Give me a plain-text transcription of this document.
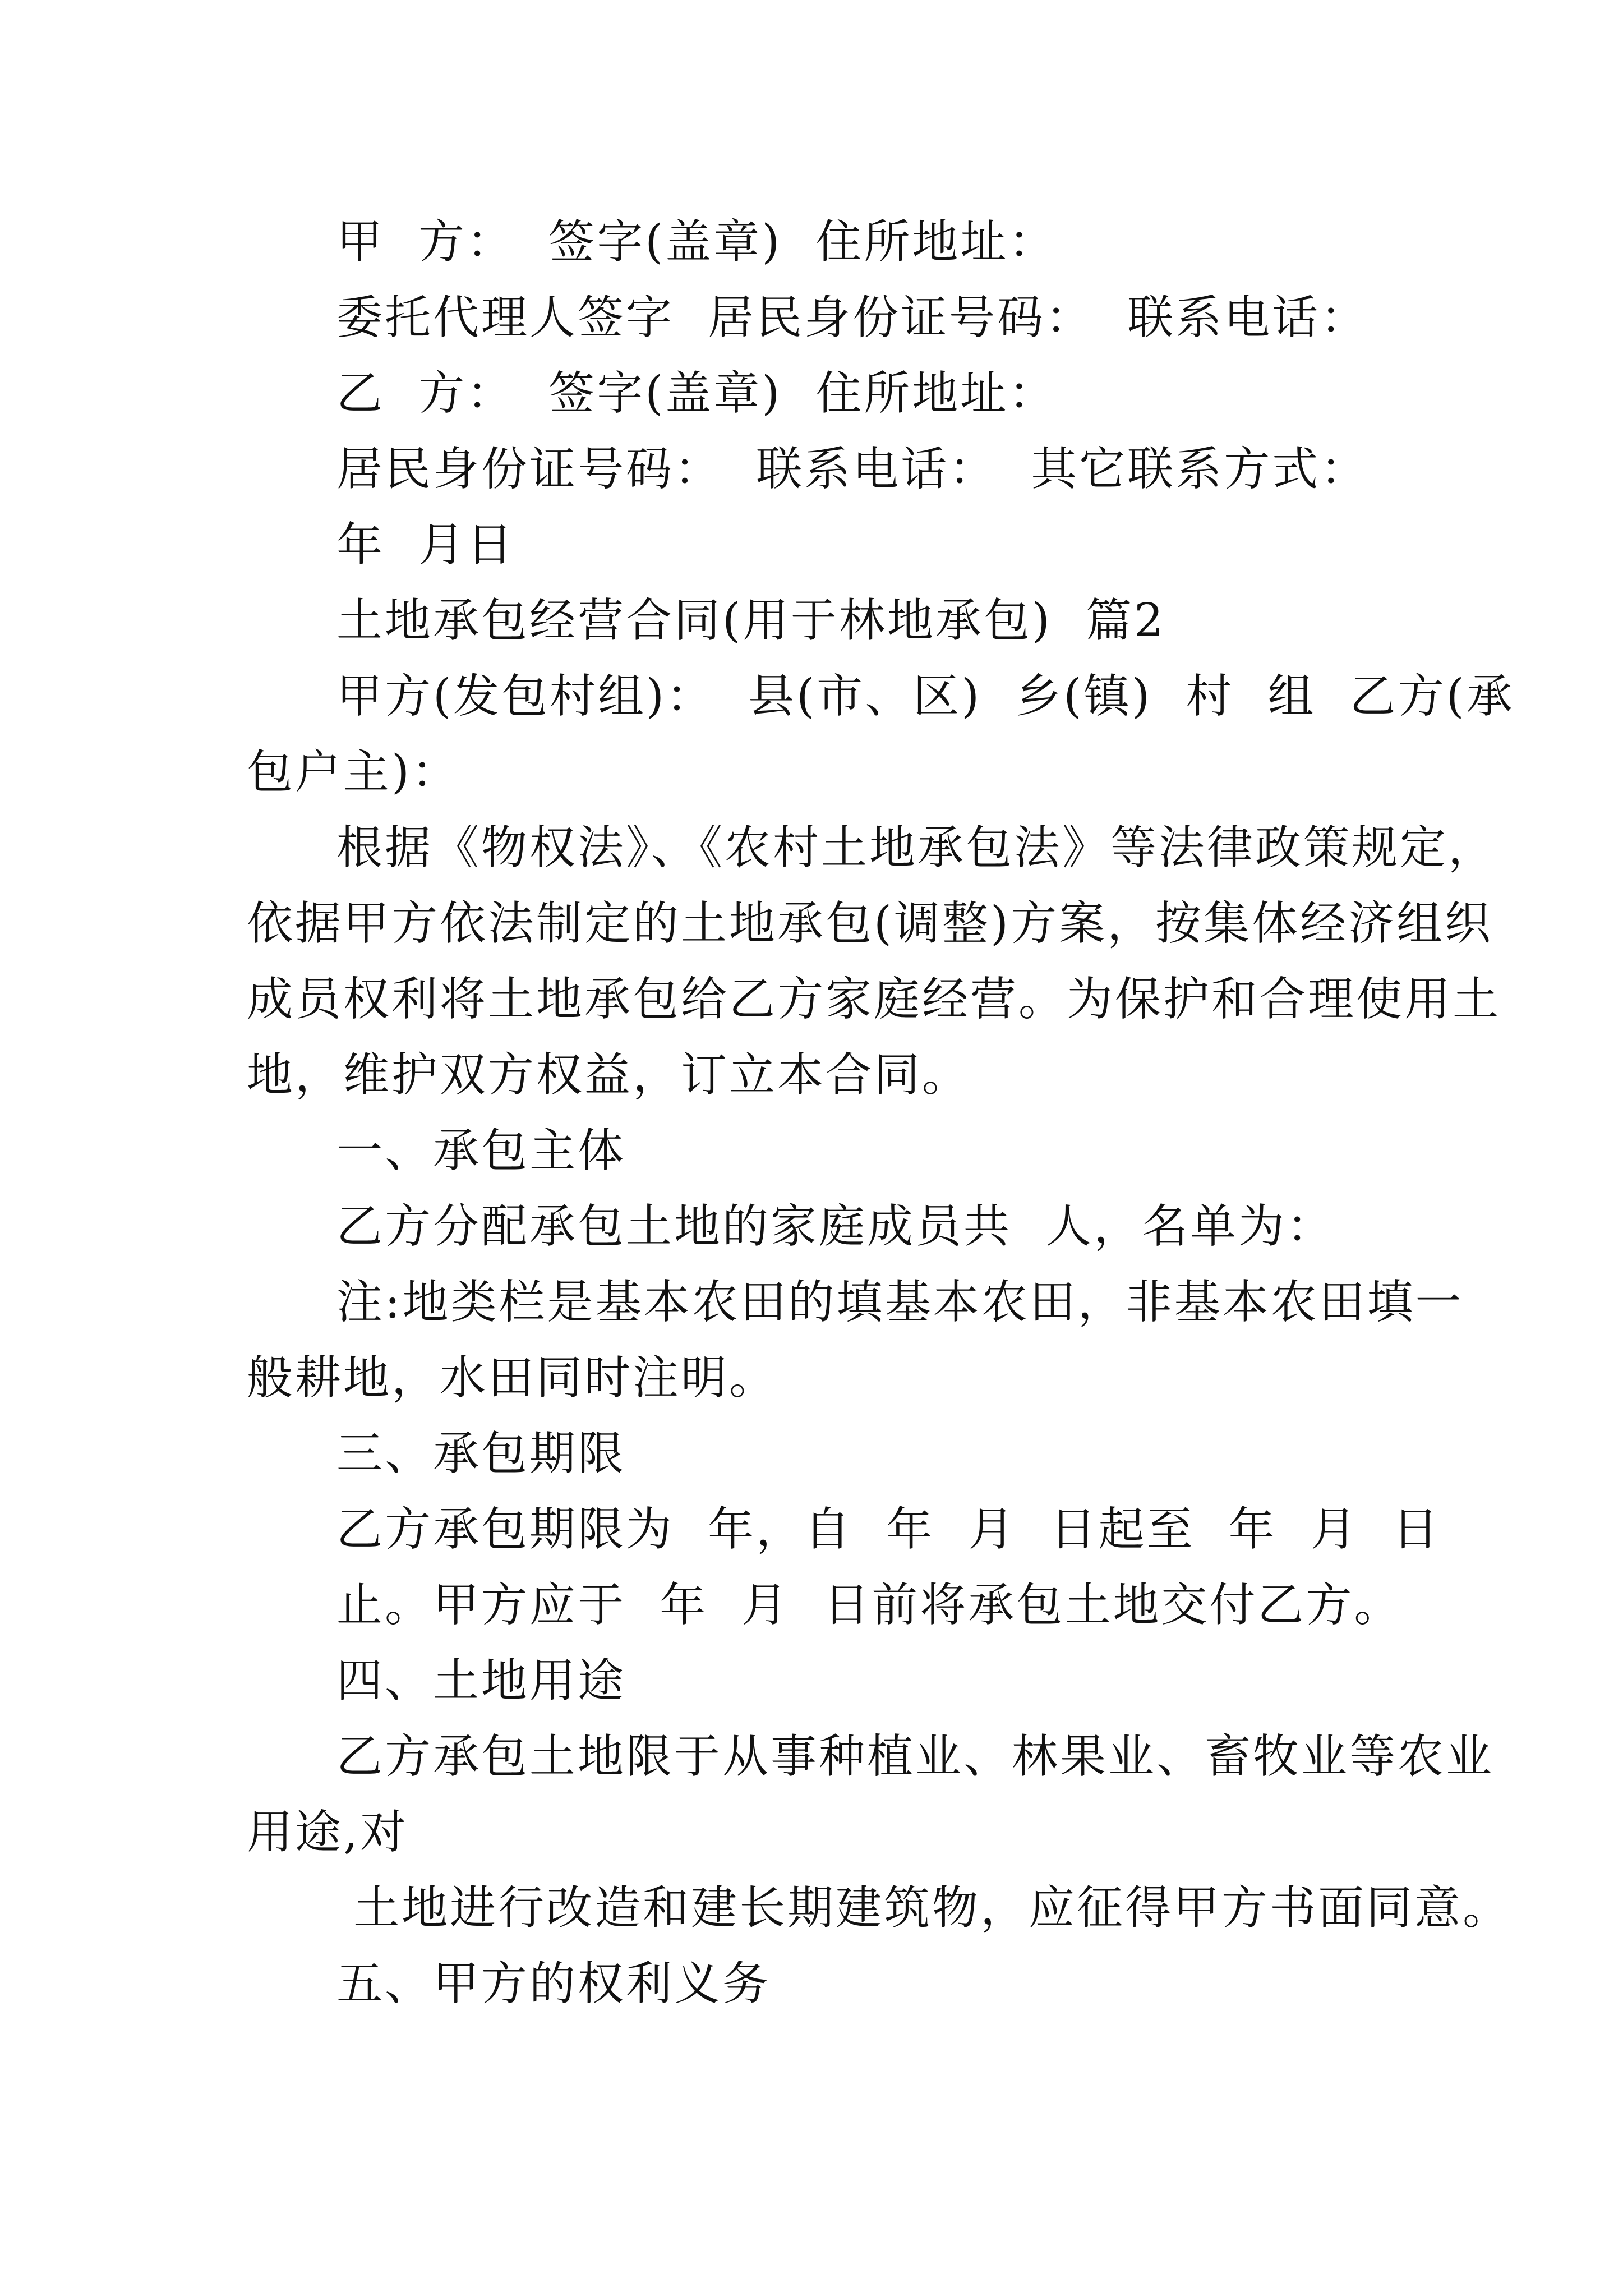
甲  方：  签字(盖章)  住所地址：
委托代理人签字  居民身份证号码：  联系电话：
乙  方：  签字(盖章)  住所地址：
居民身份证号码：  联系电话：  其它联系方式：
年  月日
土地承包经营合同(用于林地承包)  篇2
甲方(发包村组)：  县(市、区)  乡(镇)  村  组  乙方(承
包户主)：
根据《物权法》、《农村土地承包法》等法律政策规定，
依据甲方依法制定的土地承包(调整)方案，按集体经济组织
成员权利将土地承包给乙方家庭经营。为保护和合理使用土
地，维护双方权益，订立本合同。
一、承包主体
乙方分配承包土地的家庭成员共  人，名单为：
注:地类栏是基本农田的填基本农田，非基本农田填一
般耕地，水田同时注明。
三、承包期限
乙方承包期限为  年，自  年  月  日起至  年  月  日
止。甲方应于  年  月  日前将承包土地交付乙方。
四、土地用途
乙方承包土地限于从事种植业、林果业、畜牧业等农业
用途,对
土地进行改造和建长期建筑物，应征得甲方书面同意。
五、甲方的权利义务
